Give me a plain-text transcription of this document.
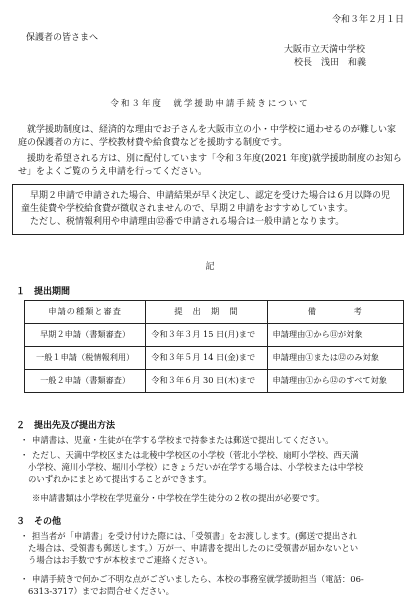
令和３年２月１日
保護者の皆さまへ
大阪市立天満中学校
校長　浅田　和義
令和３年度　就学援助申請手続きについて
就学援助制度は、経済的な理由でお子さんを大阪市立の小・中学校に通わせるのが難しい家庭の保護者の方に、学校教材費や給食費などを援助する制度です。
援助を希望される方は、別に配付しています「令和３年度(2021 年度)就学援助制度のお知らせ」をよくご覧のうえ申請を行ってください。

早期２申請で申請された場合、申請結果が早く決定し、認定を受けた場合は６月以降の児童生徒費や学校給食費が徴収されませんので、早期２申請をおすすめしています。

ただし、税情報利用や申請理由⑫番で申請される場合は一般申請となります。

記
１　提出期間
申請の種類と審査	提　出　期　間	備　　　　考
早期２申請（書類審査）	令和３年３月 15 日(月)まで	申請理由①から⑪が対象
一般１申請（税情報利用）	令和３年５月 14 日(金)まで	申請理由①または⑫のみ対象
一般２申請（書類審査）	令和３年６月 30 日(木)まで	申請理由①から⑫のすべて対象
２　提出先及び提出方法
・ 申請書は、児童・生徒が在学する学校まで持参または郵送で提出してください。
・ ただし、天満中学校区または北稜中学校区の小学校（菅北小学校、扇町小学校、西天満
小学校、滝川小学校、堀川小学校）にきょうだいが在学する場合は、小学校または中学校
のいずれかにまとめて提出することができます。
※申請書類は小学校在学児童分・中学校在学生徒分の２枚の提出が必要です。
３　その他
・ 担当者が「申請書」を受け付けた際には、「受領書」をお渡しします。(郵送で提出され
た場合は、受領書も郵送します。）万が一、申請書を提出したのに受領書が届かないとい
う場合はお手数ですが本校までご連絡ください。
・ 申請手続きで何かご不明な点がございましたら、本校の事務室就学援助担当（電話：06-
6313-3717）までお問合せください。
